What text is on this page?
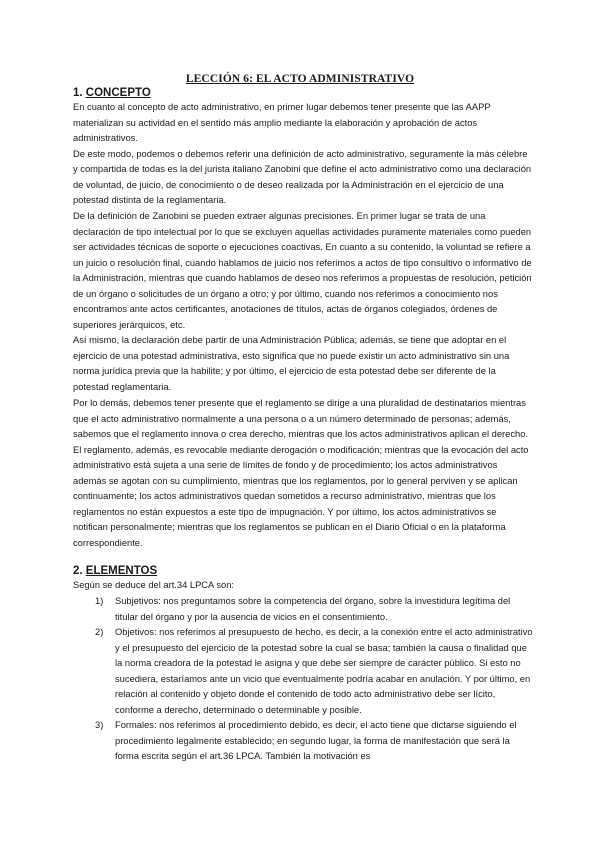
LECCIÓN 6: EL ACTO ADMINISTRATIVO
1. CONCEPTO

En cuanto al concepto de acto administrativo, en primer lugar debemos tener presente que las AAPP materializan su actividad en el sentido más amplio mediante la elaboración y aprobación de actos administrativos.

De este modo, podemos o debemos referir una definición de acto administrativo, seguramente la más célebre y compartida de todas es la del jurista italiano Zanobini que define el acto administrativo como una declaración de voluntad, de juicio, de conocimiento o de deseo realizada por la Administración en el ejercicio de una potestad distinta de la reglamentaria.

De la definición de Zanobini se pueden extraer algunas precisiones. En primer lugar se trata de una declaración de tipo intelectual por lo que se excluyen aquellas actividades puramente materiales como pueden ser actividades técnicas de soporte o ejecuciones coactivas. En cuanto a su contenido, la voluntad se refiere a un juicio o resolución final, cuando hablamos de juicio nos referimos a actos de tipo consultivo o informativo de la Administración, mientras que cuando hablamos de deseo nos referimos a propuestas de resolución, petición de un órgano o solicitudes de un órgano a otro; y por último, cuando nos referimos a conocimiento nos encontramos ante actos certificantes, anotaciones de títulos, actas de órganos colegiados, órdenes de superiores jerárquicos, etc.

Así mismo, la declaración debe partir de una Administración Pública; además, se tiene que adoptar en el ejercicio de una potestad administrativa, esto significa que no puede existir un acto administrativo sin una norma jurídica previa que la habilite; y por último, el ejercicio de esta potestad debe ser diferente de la potestad reglamentaria.

Por lo demás, debemos tener presente que el reglamento se dirige a una pluralidad de destinatarios mientras que el acto administrativo normalmente a una persona o a un número determinado de personas; además, sabemos que el reglamento innova o crea derecho, mientras que los actos administrativos aplican el derecho.

El reglamento, además, es revocable mediante derogación o modificación; mientras que la evocación del acto administrativo está sujeta a una serie de límites de fondo y de procedimiento; los actos administrativos además se agotan con su cumplimiento, mientras que los reglamentos, por lo general perviven y se aplican continuamente; los actos administrativos quedan sometidos a recurso administrativo, mientras que los reglamentos no están expuestos a este tipo de impugnación. Y por último, los actos administrativos se notifican personalmente; mientras que los reglamentos se publican en el Diario Oficial o en la plataforma correspondiente.

2. ELEMENTOS

Según se deduce del art.34 LPCA son:

1) Subjetivos: nos preguntamos sobre la competencia del órgano, sobre la investidura legítima del titular del órgano y por la ausencia de vicios en el consentimiento.
2) Objetivos: nos referimos al presupuesto de hecho, es decir, a la conexión entre el acto administrativo y el presupuesto del ejercicio de la potestad sobre la cual se basa; también la causa o finalidad que la norma creadora de la potestad le asigna y que debe ser siempre de carácter público. Si esto no sucediera, estaríamos ante un vicio que eventualmente podría acabar en anulación. Y por último, en relación al contenido y objeto donde el contenido de todo acto administrativo debe ser lícito, conforme a derecho, determinado o determinable y posible.
3) Formales: nos referimos al procedimiento debido, es decir, el acto tiene que dictarse siguiendo el procedimiento legalmente establecido; en segundo lugar, la forma de manifestación que será la forma escrita según el art.36 LPCA. También la motivación es
